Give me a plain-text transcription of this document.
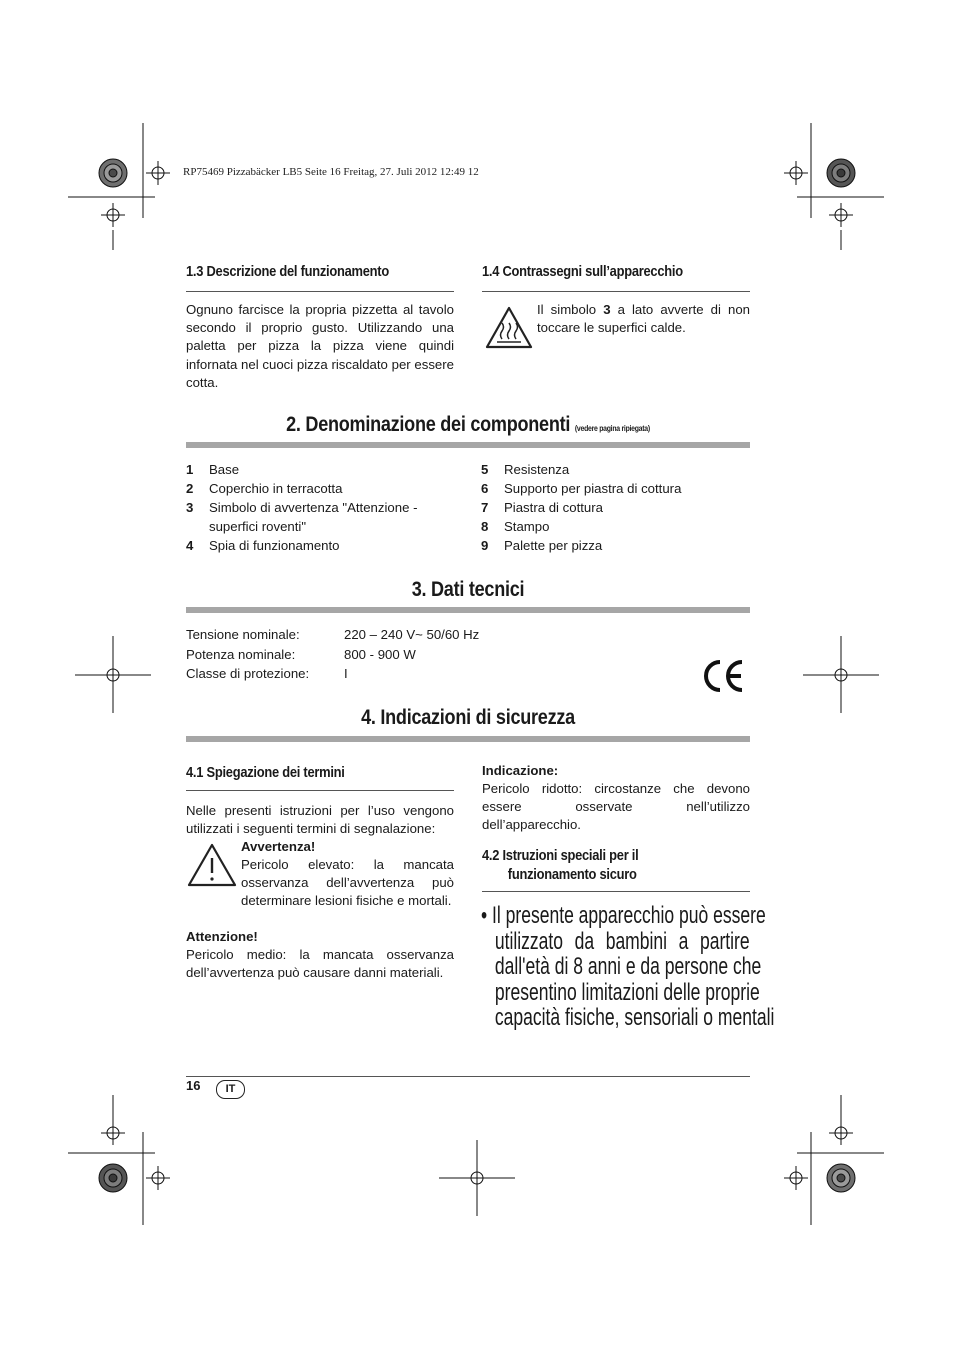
RP75469 Pizzabäcker LB5 Seite 16 Freitag, 27. Juli 2012 12:49 12
1.3 Descrizione del funzionamento
Ognuno farcisce la propria pizzetta al tavolo secondo il proprio gusto. Utilizzando una paletta per pizza la pizza viene quindi infornata nel cuoci pizza riscaldato per essere cotta.
1.4 Contrassegni sull’apparecchio
Il simbolo 3 a lato avverte di non toccare le superfici calde.
2. Denominazione dei componenti (vedere pagina ripiegata)
1	Base
2	Coperchio in terracotta
3	Simbolo di avvertenza "Attenzione - superfici roventi"
4	Spia di funzionamento
5	Resistenza
6	Supporto per piastra di cottura
7	Piastra di cottura
8	Stampo
9	Palette per pizza
3. Dati tecnici
Tensione nominale:	220 – 240 V~ 50/60 Hz
Potenza nominale:	800 - 900 W
Classe di protezione:	I
4. Indicazioni di sicurezza
4.1 Spiegazione dei termini
Nelle presenti istruzioni per l’uso vengono utilizzati i seguenti termini di segnalazione:
Avvertenza!
Pericolo elevato: la mancata osservanza dell’avvertenza può determinare lesioni fisiche e mortali.
Attenzione!
Pericolo medio: la mancata osservanza dell’avvertenza può causare danni materiali.
Indicazione:
Pericolo ridotto: circostanze che devono essere osservate nell’utilizzo dell’apparecchio.
4.2 Istruzioni speciali per il
funzionamento sicuro
• Il presente apparecchio può essere
utilizzato da bambini a partire
dall'età di 8 anni e da persone che
presentino limitazioni delle proprie
capacità fisiche, sensoriali o mentali
16	IT
